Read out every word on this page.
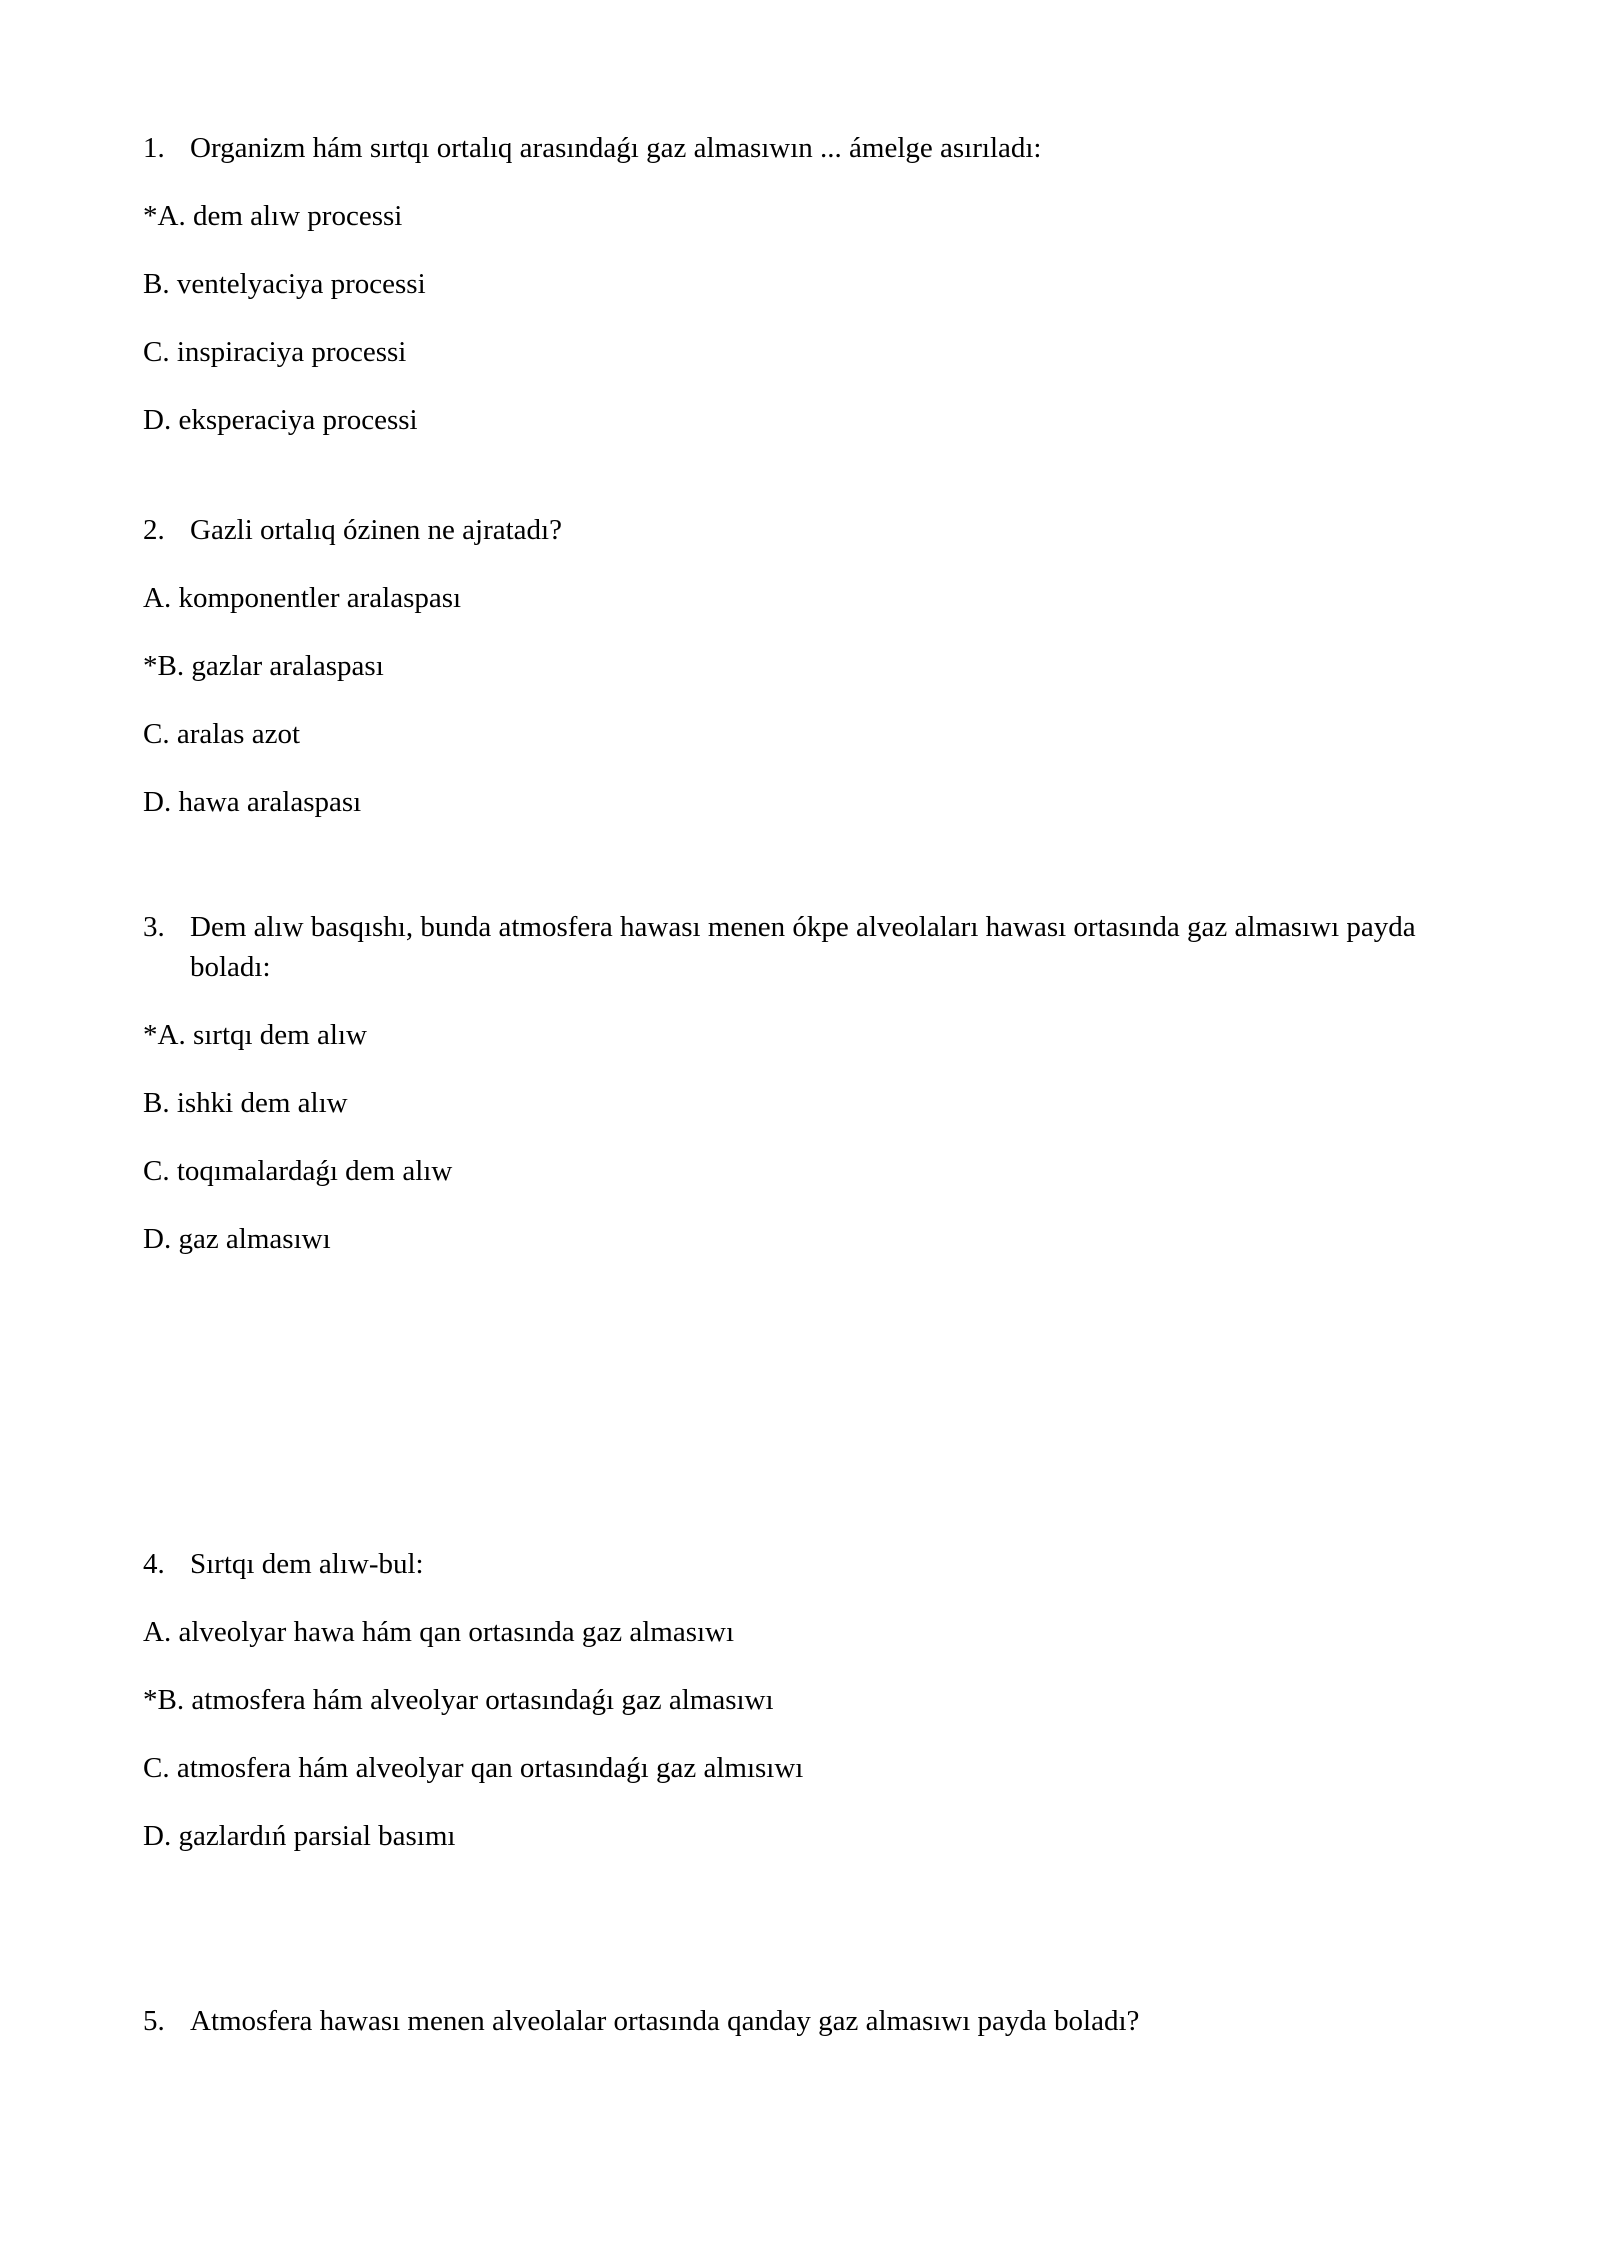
1. Organizm hám sırtqı ortalıq arasındaǵı gaz almasıwın ... ámelge asırıladı:

*A. dem alıw processi

B. ventelyaciya processi

C. inspiraciya processi

D. eksperaciya processi

2. Gazli ortalıq ózinen ne ajratadı?

A. komponentler aralaspası

*B. gazlar aralaspası

C. aralas azot

D. hawa aralaspası

3. Dem alıw basqıshı, bunda atmosfera hawası menen ókpe alveolaları hawası ortasında gaz almasıwı payda boladı:

*A. sırtqı dem alıw

B. ishki dem alıw

C. toqımalardaǵı dem alıw

D. gaz almasıwı

4. Sırtqı dem alıw-bul:

A. alveolyar hawa hám qan ortasında gaz almasıwı

*B. atmosfera hám alveolyar ortasındaǵı gaz almasıwı

C. atmosfera hám alveolyar qan ortasındaǵı gaz almısıwı

D. gazlardıń parsial basımı

5. Atmosfera hawası menen alveolalar ortasında qanday gaz almasıwı payda boladı?
